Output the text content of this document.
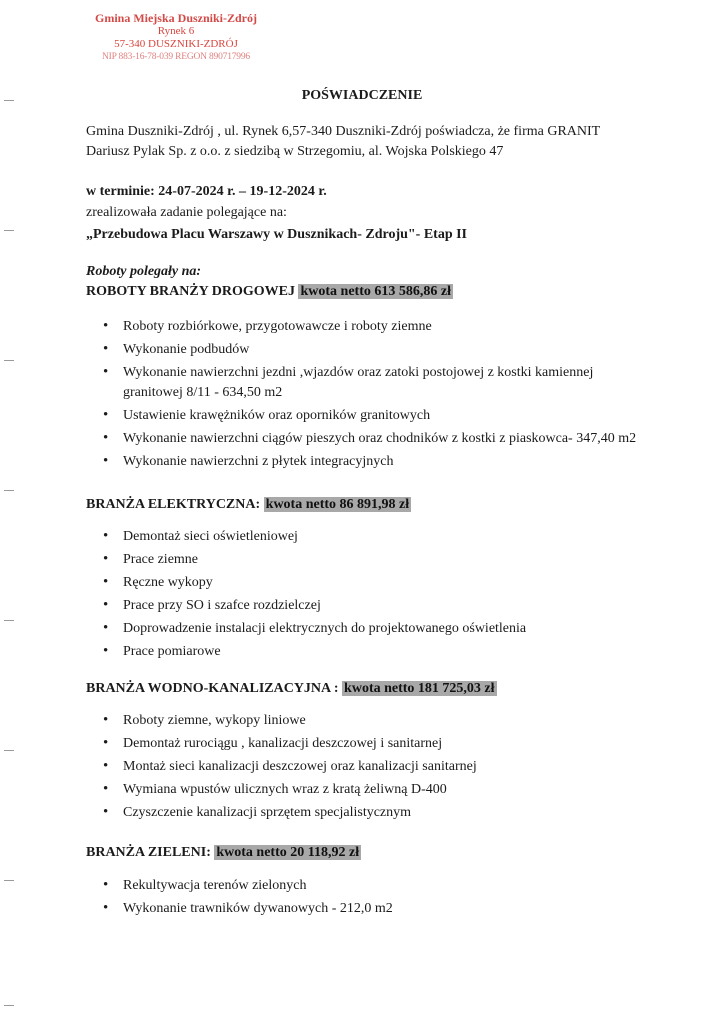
Gmina Miejska Duszniki-Zdrój
Rynek 6
57-340 DUSZNIKI-ZDRÓJ
NIP 883-16-78-039 REGON 890717996
POŚWIADCZENIE
Gmina Duszniki-Zdrój , ul. Rynek 6,57-340 Duszniki-Zdrój poświadcza, że firma GRANIT Dariusz Pylak Sp. z o.o. z siedzibą w Strzegomiu, al. Wojska Polskiego 47
w terminie: 24-07-2024 r. – 19-12-2024 r.
zrealizowała zadanie polegające na:
„Przebudowa Placu Warszawy w Dusznikach- Zdroju"- Etap II
Roboty polegały na:
ROBOTY BRANŻY DROGOWEJ kwota netto 613 586,86 zł
• Roboty rozbiórkowe, przygotowawcze i roboty ziemne
• Wykonanie podbudów
• Wykonanie nawierzchni jezdni ,wjazdów oraz zatoki postojowej z kostki kamiennej granitowej 8/11 - 634,50 m2
• Ustawienie krawężników oraz oporników granitowych
• Wykonanie nawierzchni ciągów pieszych oraz chodników z kostki z piaskowca- 347,40 m2
• Wykonanie nawierzchni z płytek integracyjnych
BRANŻA ELEKTRYCZNA: kwota netto 86 891,98 zł
• Demontaż sieci oświetleniowej
• Prace ziemne
• Ręczne wykopy
• Prace przy SO i szafce rozdzielczej
• Doprowadzenie instalacji elektrycznych do projektowanego oświetlenia
• Prace pomiarowe
BRANŻA WODNO-KANALIZACYJNA : kwota netto 181 725,03 zł
• Roboty ziemne, wykopy liniowe
• Demontaż rurociągu , kanalizacji deszczowej i sanitarnej
• Montaż sieci kanalizacji deszczowej oraz kanalizacji sanitarnej
• Wymiana wpustów ulicznych wraz z kratą żeliwną D-400
• Czyszczenie kanalizacji sprzętem specjalistycznym
BRANŻA ZIELENI: kwota netto 20 118,92 zł
• Rekultywacja terenów zielonych
• Wykonanie trawników dywanowych - 212,0 m2
